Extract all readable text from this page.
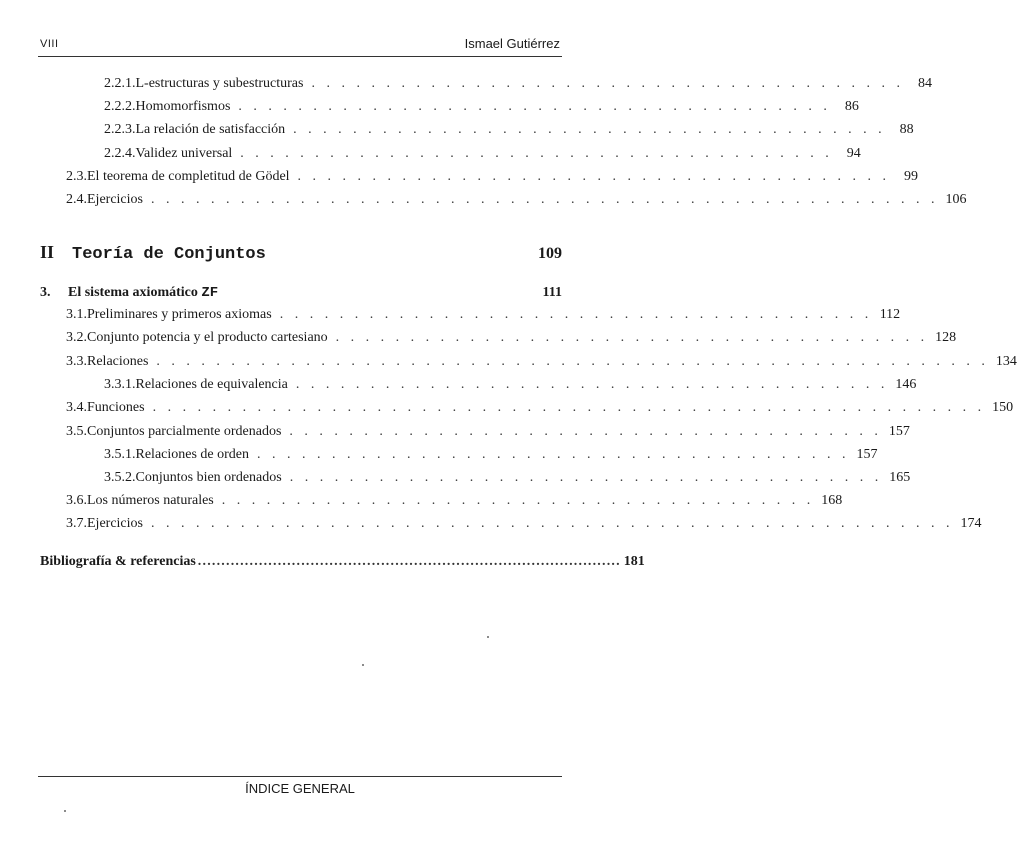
VIII	Ismael Gutiérrez
2.2.1. L-estructuras y subestructuras . . . . . . . . . . . . . . . . . . . . . . . . . . . . . . . . . . . . . . . .	84
2.2.2. Homomorfismos . . . . . . . . . . . . . . . . . . . . . . . . . . . . . . . . . . . . . . . .	86
2.2.3. La relación de satisfacción . . . . . . . . . . . . . . . . . . . . . . . . . . . . . . . . . . . . . . . .	88
2.2.4. Validez universal . . . . . . . . . . . . . . . . . . . . . . . . . . . . . . . . . . . . . . . .	94
2.3. El teorema de completitud de Gödel . . . . . . . . . . . . . . . . . . . . . . . . . . . . . . . . . . . . . . . .	99
2.4. Ejercicios . . . . . . . . . . . . . . . . . . . . . . . . . . . . . . . . . . . . . . . . . . . . . . . . . . . . . 106
II	Teoría de Conjuntos	109
3.	El sistema axiomático ZF	111
3.1. Preliminares y primeros axiomas . . . . . . . . . . . . . . . . . . . . . . . . . . . . . . . . . . . . . . . . 112
3.2. Conjunto potencia y el producto cartesiano . . . . . . . . . . . . . . . . . . . . . . . . . . . . . . . . . . . . . . . . 128
3.3. Relaciones . . . . . . . . . . . . . . . . . . . . . . . . . . . . . . . . . . . . . . . . . . . . . . . . . . . . . . . . 134
3.3.1. Relaciones de equivalencia . . . . . . . . . . . . . . . . . . . . . . . . . . . . . . . . . . . . . . . . 146
3.4. Funciones . . . . . . . . . . . . . . . . . . . . . . . . . . . . . . . . . . . . . . . . . . . . . . . . . . . . . . . . 150
3.5. Conjuntos parcialmente ordenados . . . . . . . . . . . . . . . . . . . . . . . . . . . . . . . . . . . . . . . . 157
3.5.1. Relaciones de orden . . . . . . . . . . . . . . . . . . . . . . . . . . . . . . . . . . . . . . . . 157
3.5.2. Conjuntos bien ordenados . . . . . . . . . . . . . . . . . . . . . . . . . . . . . . . . . . . . . . . . 165
3.6. Los números naturales . . . . . . . . . . . . . . . . . . . . . . . . . . . . . . . . . . . . . . . . 168
3.7. Ejercicios . . . . . . . . . . . . . . . . . . . . . . . . . . . . . . . . . . . . . . . . . . . . . . . . . . . . . . 174
Bibliografía & referencias .......................................................................................... 181
ÍNDICE GENERAL
